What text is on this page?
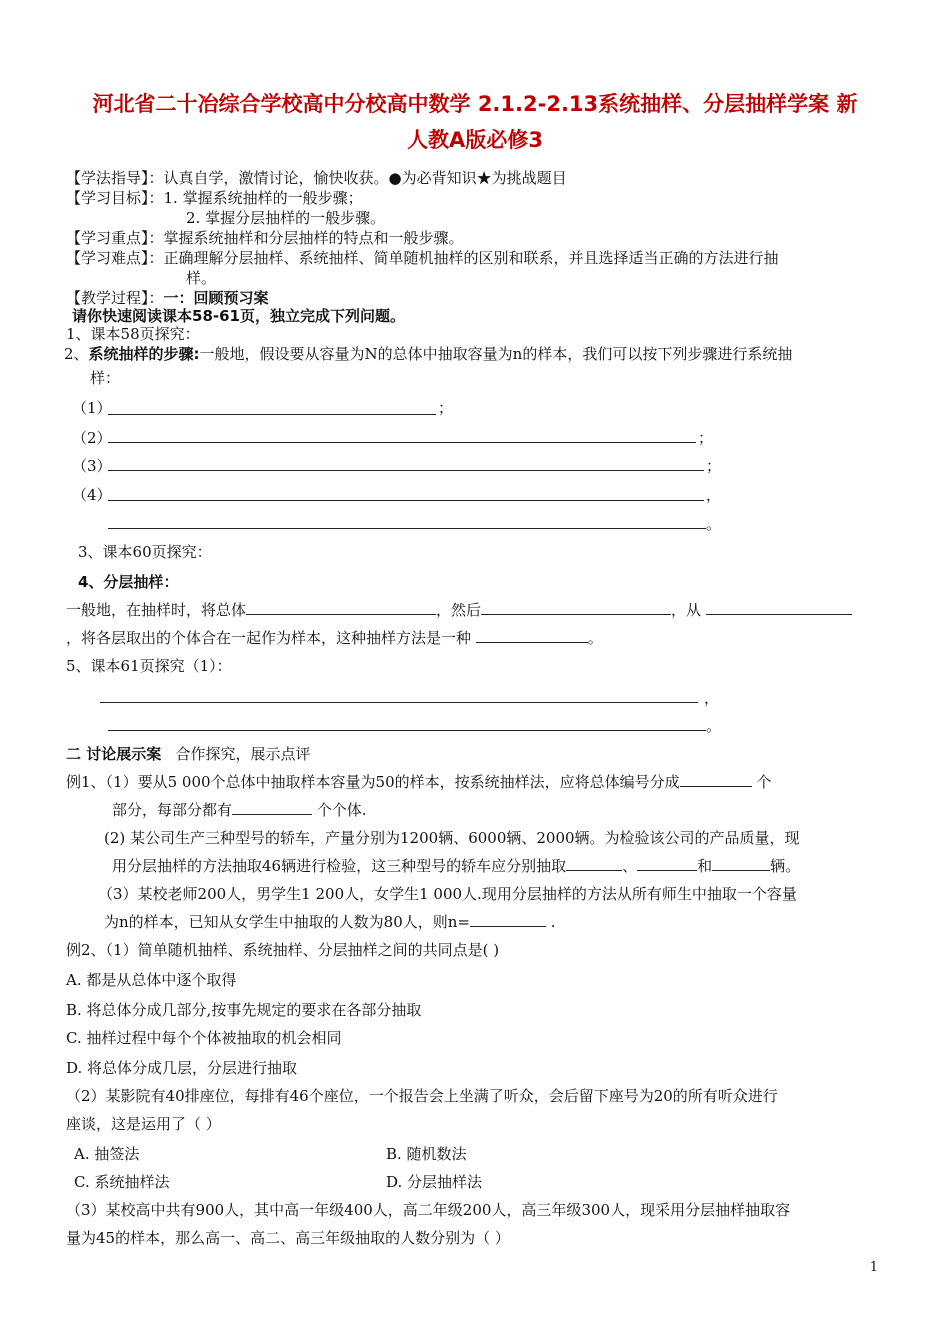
河北省二十冶综合学校高中分校高中数学 2.1.2-2.13系统抽样、分层抽样学案 新
人教A版必修3
【学法指导】：认真自学，激情讨论，愉快收获。●为必背知识★为挑战题目
【学习目标】：1. 掌握系统抽样的一般步骤；
2. 掌握分层抽样的一般步骤。
【学习重点】：掌握系统抽样和分层抽样的特点和一般步骤。
【学习难点】：正确理解分层抽样、系统抽样、简单随机抽样的区别和联系，并且选择适当正确的方法进行抽
样。
【教学过程】：一：回顾预习案
请你快速阅读课本58-61页，独立完成下列问题。
1、课本58页探究：
2、系统抽样的步骤:一般地，假设要从容量为N的总体中抽取容量为n的样本，我们可以按下列步骤进行系统抽
样：
（1）	；
（2）	；
（3）	；
（4）	，
。
3、课本60页探究：
4、分层抽样：
一般地，在抽样时，将总体	，然后	，从
，将各层取出的个体合在一起作为样本，这种抽样方法是一种	。
5、课本61页探究（1）：
，
。
二 讨论展示案 合作探究，展示点评
例1、（1）要从5 000个总体中抽取样本容量为50的样本，按系统抽样法，应将总体编号分成	个
部分，每部分都有	个个体.
(2) 某公司生产三种型号的轿车，产量分别为1200辆、6000辆、2000辆。为检验该公司的产品质量，现
用分层抽样的方法抽取46辆进行检验，这三种型号的轿车应分别抽取	、	和	辆。
（3）某校老师200人，男学生1 200人，女学生1 000人.现用分层抽样的方法从所有师生中抽取一个容量
为n的样本，已知从女学生中抽取的人数为80人，则n=	.
例2、（1）简单随机抽样、系统抽样、分层抽样之间的共同点是( )
A. 都是从总体中逐个取得
B. 将总体分成几部分,按事先规定的要求在各部分抽取
C. 抽样过程中每个个体被抽取的机会相同
D. 将总体分成几层，分层进行抽取
（2）某影院有40排座位，每排有46个座位，一个报告会上坐满了听众，会后留下座号为20的所有听众进行
座谈，这是运用了（ ）
A. 抽签法	B. 随机数法
C. 系统抽样法	D. 分层抽样法
（3）某校高中共有900人，其中高一年级400人，高二年级200人，高三年级300人，现采用分层抽样抽取容
量为45的样本，那么高一、高二、高三年级抽取的人数分别为（ ）
1
